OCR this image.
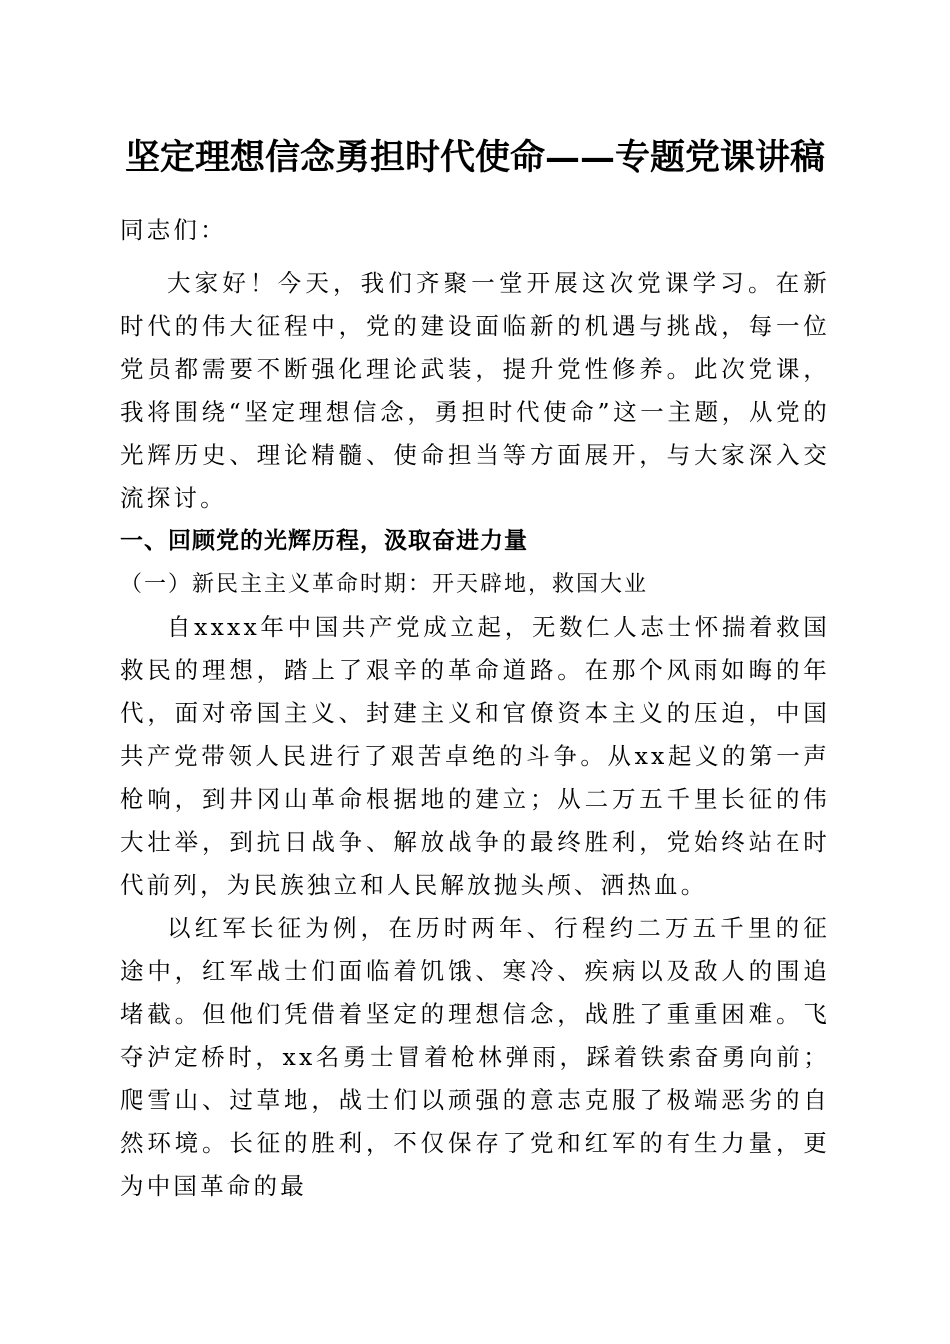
坚定理想信念勇担时代使命——专题党课讲稿

同志们：

大家好！今天，我们齐聚一堂开展这次党课学习。在新时代的伟大征程中，党的建设面临新的机遇与挑战，每一位党员都需要不断强化理论武装，提升党性修养。此次党课，我将围绕“坚定理想信念，勇担时代使命”这一主题，从党的光辉历史、理论精髓、使命担当等方面展开，与大家深入交流探讨。

一、回顾党的光辉历程，汲取奋进力量

（一）新民主主义革命时期：开天辟地，救国大业

自xxxx年中国共产党成立起，无数仁人志士怀揣着救国救民的理想，踏上了艰辛的革命道路。在那个风雨如晦的年代，面对帝国主义、封建主义和官僚资本主义的压迫，中国共产党带领人民进行了艰苦卓绝的斗争。从xx起义的第一声枪响，到井冈山革命根据地的建立；从二万五千里长征的伟大壮举，到抗日战争、解放战争的最终胜利，党始终站在时代前列，为民族独立和人民解放抛头颅、洒热血。

以红军长征为例，在历时两年、行程约二万五千里的征途中，红军战士们面临着饥饿、寒冷、疾病以及敌人的围追堵截。但他们凭借着坚定的理想信念，战胜了重重困难。飞夺泸定桥时，xx名勇士冒着枪林弹雨，踩着铁索奋勇向前；爬雪山、过草地，战士们以顽强的意志克服了极端恶劣的自然环境。长征的胜利，不仅保存了党和红军的有生力量，更为中国革命的最
